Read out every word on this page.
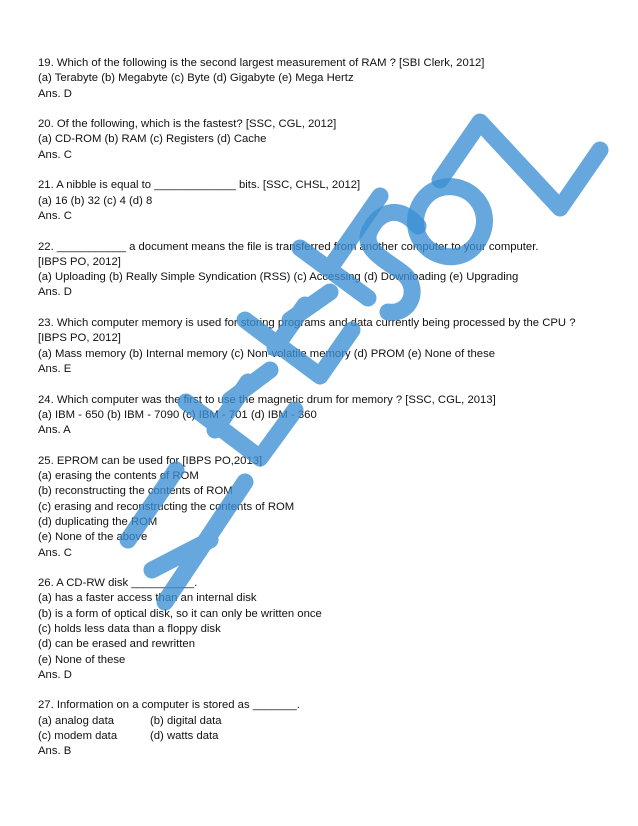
19. Which of the following is the second largest measurement of RAM ? [SBI Clerk, 2012]
(a) Terabyte (b) Megabyte (c) Byte (d) Gigabyte (e) Mega Hertz
Ans. D
20. Of the following, which is the fastest? [SSC, CGL, 2012]
(a) CD-ROM (b) RAM (c) Registers (d) Cache
Ans. C
21. A nibble is equal to _____________ bits. [SSC, CHSL, 2012]
(a) 16 (b) 32 (c) 4 (d) 8
Ans. C
22. ___________ a document means the file is transferred from another computer to your computer.
[IBPS PO, 2012]
(a) Uploading (b) Really Simple Syndication (RSS) (c) Accessing (d) Downloading (e) Upgrading
Ans. D
23. Which computer memory is used for storing programs and data currently being processed by the CPU ?
[IBPS PO, 2012]
(a) Mass memory (b) Internal memory (c) Non-volatile memory (d) PROM (e) None of these
Ans. E
24. Which computer was the first to use the magnetic drum for memory ? [SSC, CGL, 2013]
(a) IBM - 650 (b) IBM - 7090 (c) IBM - 701 (d) IBM - 360
Ans. A
25. EPROM can be used for [IBPS PO,2013]
(a) erasing the contents of ROM
(b) reconstructing the contents of ROM
(c) erasing and reconstructing the contents of ROM
(d) duplicating the ROM
(e) None of the above
Ans. C
26. A CD-RW disk __________.
(a) has a faster access than an internal disk
(b) is a form of optical disk, so it can only be written once
(c) holds less data than a floppy disk
(d) can be erased and rewritten
(e) None of these
Ans. D
27. Information on a computer is stored as _______.
(a) analog data	(b) digital data
(c) modem data	(d) watts data
Ans. B
